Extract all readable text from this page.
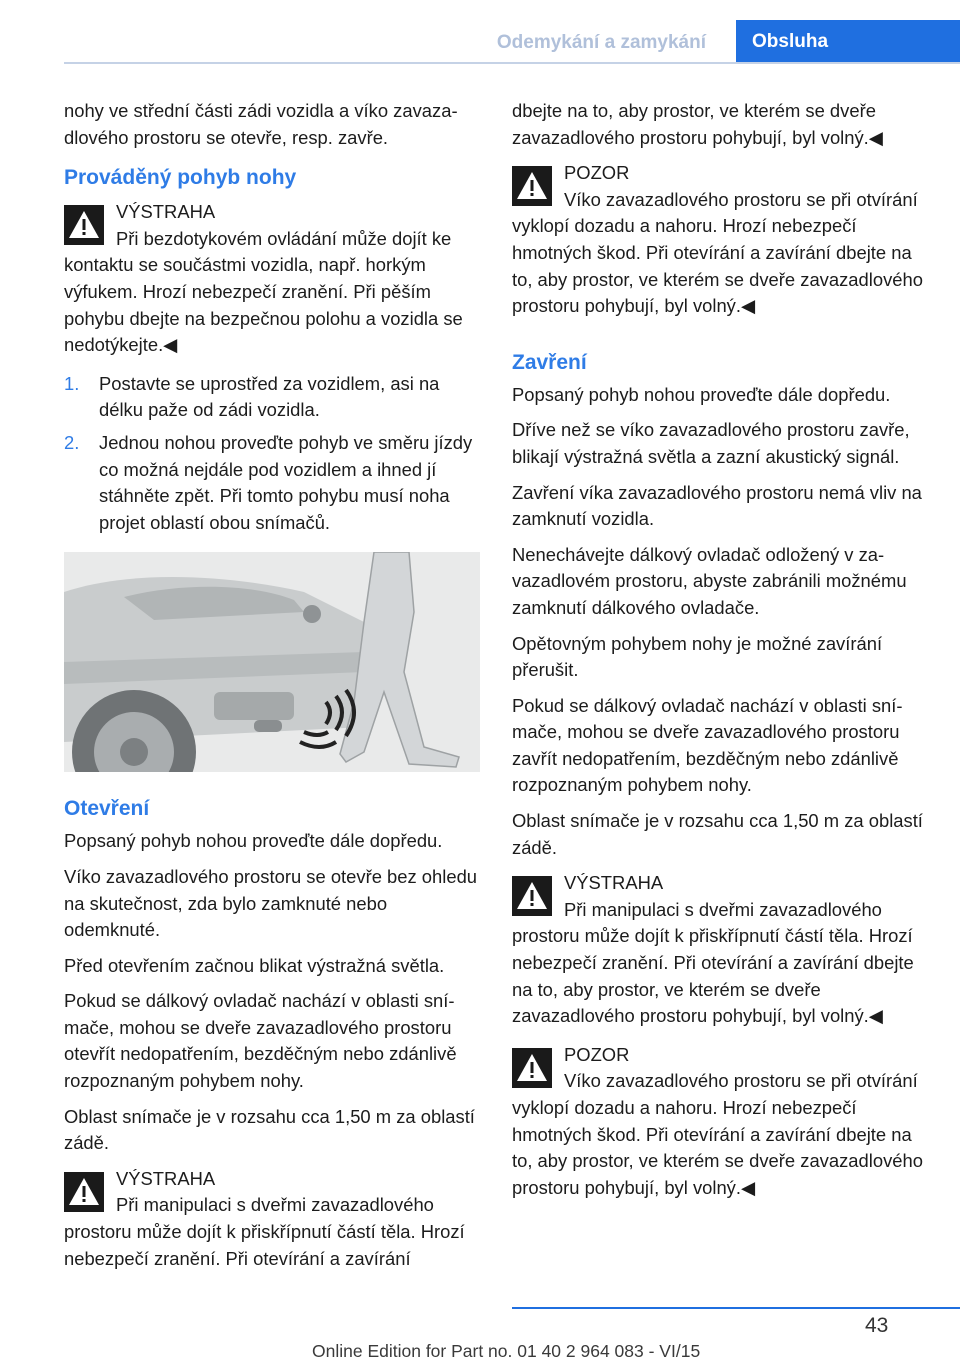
Odemykání a zamykání	Obsluha

nohy ve střední části zádi vozidla a víko zavazadlového prostoru se otevře, resp. zavře.

Prováděný pohyb nohy
VÝSTRAHA
Při bezdotykovém ovládání může dojít ke kontaktu se součástmi vozidla, např. horkým výfukem. Hrozí nebezpečí zranění. Při pěším pohybu dbejte na bezpečnou polohu a vozidla se nedotýkejte.◀
1. Postavte se uprostřed za vozidlem, asi na délku paže od zádi vozidla.
2. Jednou nohou proveďte pohyb ve směru jízdy co možná nejdále pod vozidlem a ihned jí stáhněte zpět. Při tomto pohybu musí noha projet oblastí obou snímačů.
Otevření

Popsaný pohyb nohou proveďte dále dopředu.

Víko zavazadlového prostoru se otevře bez ohledu na skutečnost, zda bylo zamknuté nebo odemknuté.

Před otevřením začnou blikat výstražná světla.

Pokud se dálkový ovladač nachází v oblasti snímače, mohou se dveře zavazadlového prostoru otevřít nedopatřením, bezděčným nebo zdánlivě rozpoznaným pohybem nohy.

Oblast snímače je v rozsahu cca 1,50 m za oblastí zádě.

VÝSTRAHA
Při manipulaci s dveřmi zavazadlového prostoru může dojít k přiskřípnutí částí těla. Hrozí nebezpečí zranění. Při otevírání a zavírání

dbejte na to, aby prostor, ve kterém se dveře zavazadlového prostoru pohybují, byl volný.◀

POZOR
Víko zavazadlového prostoru se při otvírání vyklopí dozadu a nahoru. Hrozí nebezpečí hmotných škod. Při otevírání a zavírání dbejte na to, aby prostor, ve kterém se dveře zavazadlového prostoru pohybují, byl volný.◀
Zavření

Popsaný pohyb nohou proveďte dále dopředu.

Dříve než se víko zavazadlového prostoru zavře, blikají výstražná světla a zazní akustický signál.

Zavření víka zavazadlového prostoru nemá vliv na zamknutí vozidla.

Nenechávejte dálkový ovladač odložený v zavazadlovém prostoru, abyste zabránili možnému zamknutí dálkového ovladače.

Opětovným pohybem nohy je možné zavírání přerušit.

Pokud se dálkový ovladač nachází v oblasti snímače, mohou se dveře zavazadlového prostoru zavřít nedopatřením, bezděčným nebo zdánlivě rozpoznaným pohybem nohy.

Oblast snímače je v rozsahu cca 1,50 m za oblastí zádě.

VÝSTRAHA
Při manipulaci s dveřmi zavazadlového prostoru může dojít k přiskřípnutí částí těla. Hrozí nebezpečí zranění. Při otevírání a zavírání dbejte na to, aby prostor, ve kterém se dveře zavazadlového prostoru pohybují, byl volný.◀
POZOR
Víko zavazadlového prostoru se při otvírání vyklopí dozadu a nahoru. Hrozí nebezpečí hmotných škod. Při otevírání a zavírání dbejte na to, aby prostor, ve kterém se dveře zavazadlového prostoru pohybují, byl volný.◀
43
Online Edition for Part no. 01 40 2 964 083 - VI/15
